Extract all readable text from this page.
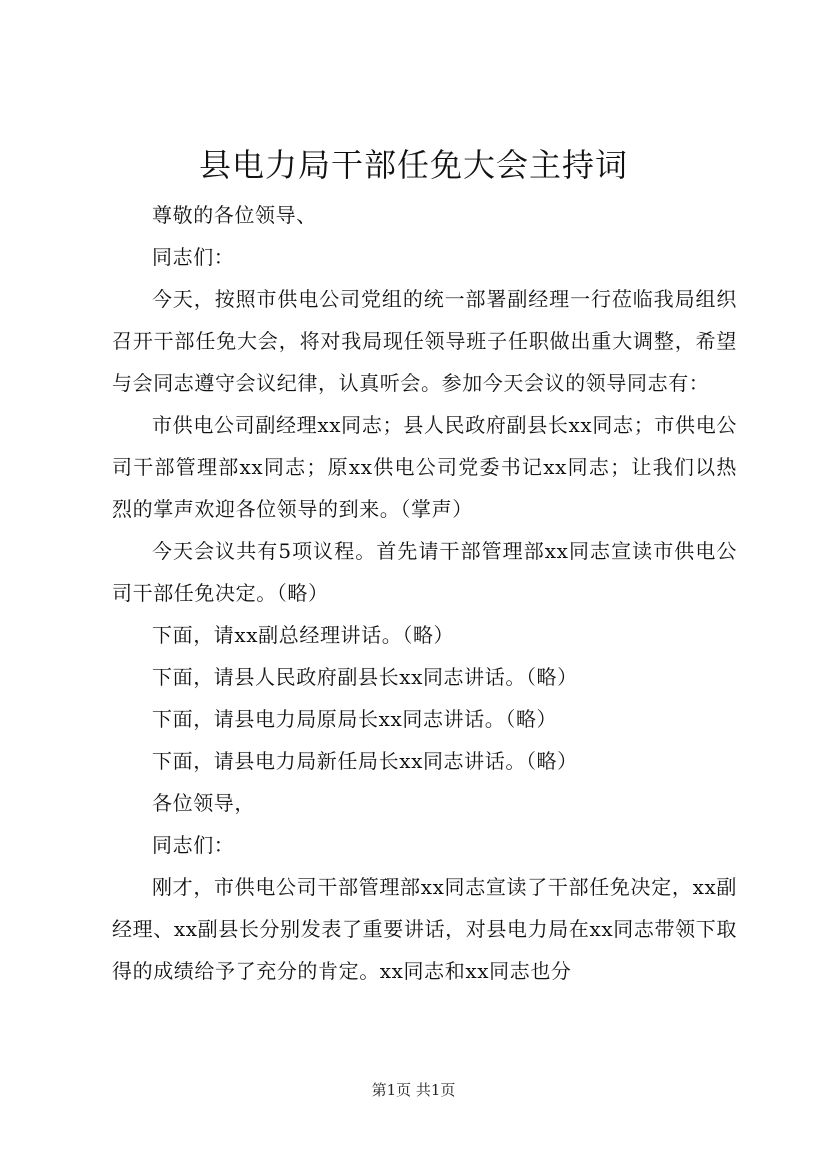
县电力局干部任免大会主持词

尊敬的各位领导、

同志们：

今天，按照市供电公司党组的统一部署副经理一行莅临我局组织召开干部任免大会，将对我局现任领导班子任职做出重大调整，希望与会同志遵守会议纪律，认真听会。参加今天会议的领导同志有：

市供电公司副经理xx同志；县人民政府副县长xx同志；市供电公司干部管理部xx同志；原xx供电公司党委书记xx同志；让我们以热烈的掌声欢迎各位领导的到来。（掌声）

今天会议共有5项议程。首先请干部管理部xx同志宣读市供电公司干部任免决定。（略）

下面，请xx副总经理讲话。（略）

下面，请县人民政府副县长xx同志讲话。（略）

下面，请县电力局原局长xx同志讲话。（略）

下面，请县电力局新任局长xx同志讲话。（略）

各位领导，

同志们：

刚才，市供电公司干部管理部xx同志宣读了干部任免决定，xx副经理、xx副县长分别发表了重要讲话，对县电力局在xx同志带领下取得的成绩给予了充分的肯定。xx同志和xx同志也分

第1页 共1页
